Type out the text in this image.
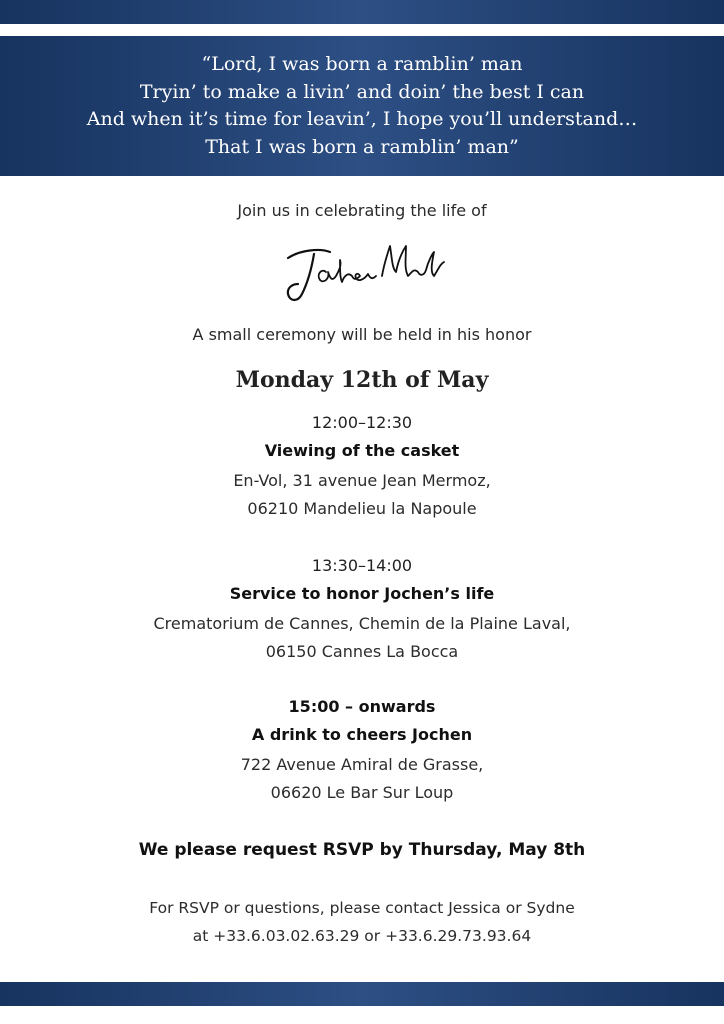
“Lord, I was born a ramblin’ man
Tryin’ to make a livin’ and doin’ the best I can
And when it’s time for leavin’, I hope you’ll understand…
That I was born a ramblin’ man”
Join us in celebrating the life of
A small ceremony will be held in his honor
Monday 12th of May
12:00–12:30
Viewing of the casket
En-Vol, 31 avenue Jean Mermoz,
06210 Mandelieu la Napoule
13:30–14:00
Service to honor Jochen’s life
Crematorium de Cannes, Chemin de la Plaine Laval,
06150 Cannes La Bocca
15:00 – onwards
A drink to cheers Jochen
722 Avenue Amiral de Grasse,
06620 Le Bar Sur Loup
We please request RSVP by Thursday, May 8th
For RSVP or questions, please contact Jessica or Sydne
at +33.6.03.02.63.29 or +33.6.29.73.93.64
